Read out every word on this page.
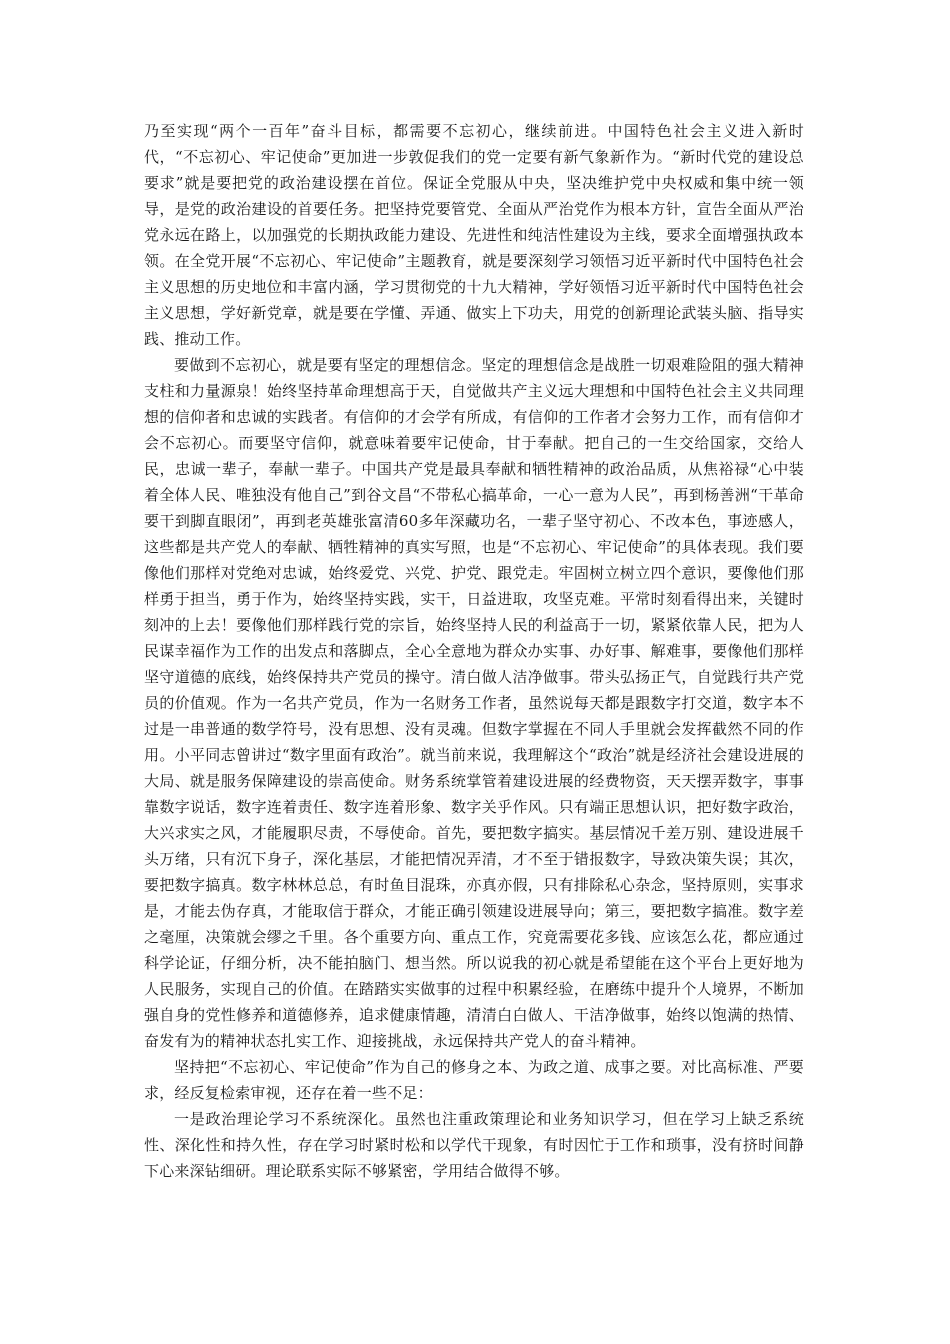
乃至实现“两个一百年”奋斗目标，都需要不忘初心，继续前进。中国特色社会主义进入新时代，“不忘初心、牢记使命”更加进一步敦促我们的党一定要有新气象新作为。“新时代党的建设总要求”就是要把党的政治建设摆在首位。保证全党服从中央，坚决维护党中央权威和集中统一领导，是党的政治建设的首要任务。把坚持党要管党、全面从严治党作为根本方针，宣告全面从严治党永远在路上，以加强党的长期执政能力建设、先进性和纯洁性建设为主线，要求全面增强执政本领。在全党开展“不忘初心、牢记使命”主题教育，就是要深刻学习领悟习近平新时代中国特色社会主义思想的历史地位和丰富内涵，学习贯彻党的十九大精神，学好领悟习近平新时代中国特色社会主义思想，学好新党章，就是要在学懂、弄通、做实上下功夫，用党的创新理论武装头脑、指导实践、推动工作。

要做到不忘初心，就是要有坚定的理想信念。坚定的理想信念是战胜一切艰难险阻的强大精神支柱和力量源泉！始终坚持革命理想高于天，自觉做共产主义远大理想和中国特色社会主义共同理想的信仰者和忠诚的实践者。有信仰的才会学有所成，有信仰的工作者才会努力工作，而有信仰才会不忘初心。而要坚守信仰，就意味着要牢记使命，甘于奉献。把自己的一生交给国家，交给人民，忠诚一辈子，奉献一辈子。中国共产党是最具奉献和牺牲精神的政治品质，从焦裕禄“心中装着全体人民、唯独没有他自己”到谷文昌“不带私心搞革命，一心一意为人民”，再到杨善洲“干革命要干到脚直眼闭”，再到老英雄张富清60多年深藏功名，一辈子坚守初心、不改本色，事迹感人，这些都是共产党人的奉献、牺牲精神的真实写照，也是“不忘初心、牢记使命”的具体表现。我们要像他们那样对党绝对忠诚，始终爱党、兴党、护党、跟党走。牢固树立树立四个意识，要像他们那样勇于担当，勇于作为，始终坚持实践，实干，日益进取，攻坚克难。平常时刻看得出来，关键时刻冲的上去！要像他们那样践行党的宗旨，始终坚持人民的利益高于一切，紧紧依靠人民，把为人民谋幸福作为工作的出发点和落脚点，全心全意地为群众办实事、办好事、解难事，要像他们那样坚守道德的底线，始终保持共产党员的操守。清白做人洁净做事。带头弘扬正气，自觉践行共产党员的价值观。作为一名共产党员，作为一名财务工作者，虽然说每天都是跟数字打交道，数字本不过是一串普通的数学符号，没有思想、没有灵魂。但数字掌握在不同人手里就会发挥截然不同的作用。小平同志曾讲过“数字里面有政治”。就当前来说，我理解这个“政治”就是经济社会建设进展的大局、就是服务保障建设的崇高使命。财务系统掌管着建设进展的经费物资，天天摆弄数字，事事靠数字说话，数字连着责任、数字连着形象、数字关乎作风。只有端正思想认识，把好数字政治，大兴求实之风，才能履职尽责，不辱使命。首先，要把数字搞实。基层情况千差万别、建设进展千头万绪，只有沉下身子，深化基层，才能把情况弄清，才不至于错报数字，导致决策失误；其次，要把数字搞真。数字林林总总，有时鱼目混珠，亦真亦假，只有排除私心杂念，坚持原则，实事求是，才能去伪存真，才能取信于群众，才能正确引领建设进展导向；第三，要把数字搞准。数字差之毫厘，决策就会缪之千里。各个重要方向、重点工作，究竟需要花多钱、应该怎么花，都应通过科学论证，仔细分析，决不能拍脑门、想当然。所以说我的初心就是希望能在这个平台上更好地为人民服务，实现自己的价值。在踏踏实实做事的过程中积累经验，在磨练中提升个人境界，不断加强自身的党性修养和道德修养，追求健康情趣，清清白白做人、干洁净做事，始终以饱满的热情、奋发有为的精神状态扎实工作、迎接挑战，永远保持共产党人的奋斗精神。

坚持把“不忘初心、牢记使命”作为自己的修身之本、为政之道、成事之要。对比高标准、严要求，经反复检索审视，还存在着一些不足：

一是政治理论学习不系统深化。虽然也注重政策理论和业务知识学习，但在学习上缺乏系统性、深化性和持久性，存在学习时紧时松和以学代干现象，有时因忙于工作和琐事，没有挤时间静下心来深钻细研。理论联系实际不够紧密，学用结合做得不够。
